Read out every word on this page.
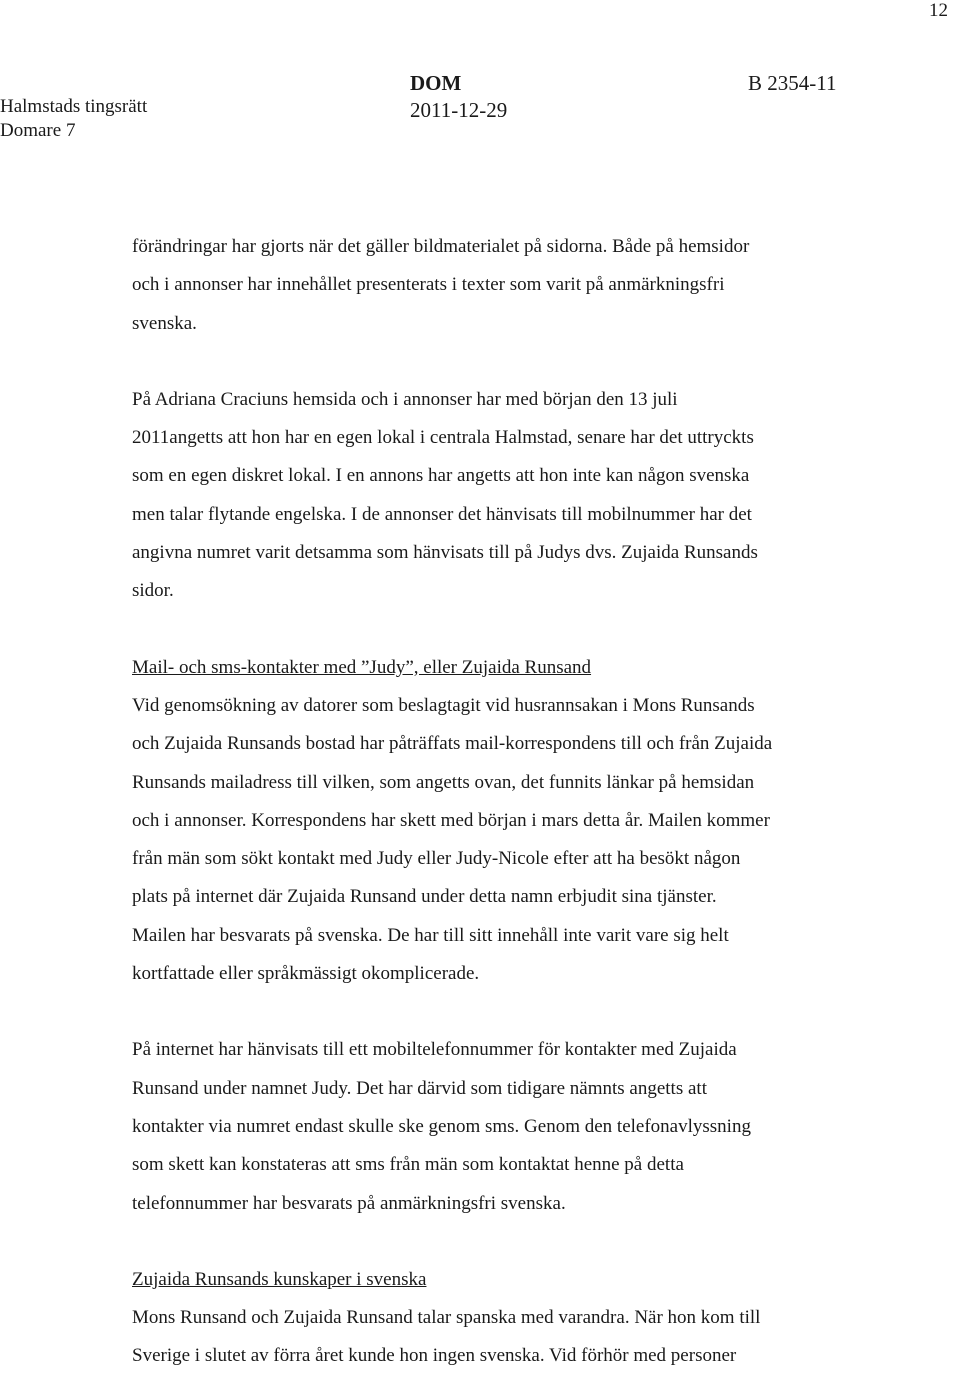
12
Halmstads tingsrätt
Domare 7
DOM
2011-12-29
B 2354-11

förändringar har gjorts när det gäller bildmaterialet på sidorna. Både på hemsidor
och i annonser har innehållet presenterats i texter som varit på anmärkningsfri
svenska.

På Adriana Craciuns hemsida och i annonser har med början den 13 juli
2011angetts att hon har en egen lokal i centrala Halmstad, senare har det uttryckts
som en egen diskret lokal. I en annons har angetts att hon inte kan någon svenska
men talar flytande engelska. I de annonser det hänvisats till mobilnummer har det
angivna numret varit detsamma som hänvisats till på Judys dvs. Zujaida Runsands
sidor.

Mail- och sms-kontakter med ”Judy”, eller Zujaida Runsand

Vid genomsökning av datorer som beslagtagit vid husrannsakan i Mons Runsands
och Zujaida Runsands bostad har påträffats mail-korrespondens till och från Zujaida
Runsands mailadress till vilken, som angetts ovan, det funnits länkar på hemsidan
och i annonser. Korrespondens har skett med början i mars detta år. Mailen kommer
från män som sökt kontakt med Judy eller Judy-Nicole efter att ha besökt någon
plats på internet där Zujaida Runsand under detta namn erbjudit sina tjänster.
Mailen har besvarats på svenska. De har till sitt innehåll inte varit vare sig helt
kortfattade eller språkmässigt okomplicerade.

På internet har hänvisats till ett mobiltelefonnummer för kontakter med Zujaida
Runsand under namnet Judy. Det har därvid som tidigare nämnts angetts att
kontakter via numret endast skulle ske genom sms. Genom den telefonavlyssning
som skett kan konstateras att sms från män som kontaktat henne på detta
telefonnummer har besvarats på anmärkningsfri svenska.

Zujaida Runsands kunskaper i svenska

Mons Runsand och Zujaida Runsand talar spanska med varandra. När hon kom till
Sverige i slutet av förra året kunde hon ingen svenska. Vid förhör med personer
